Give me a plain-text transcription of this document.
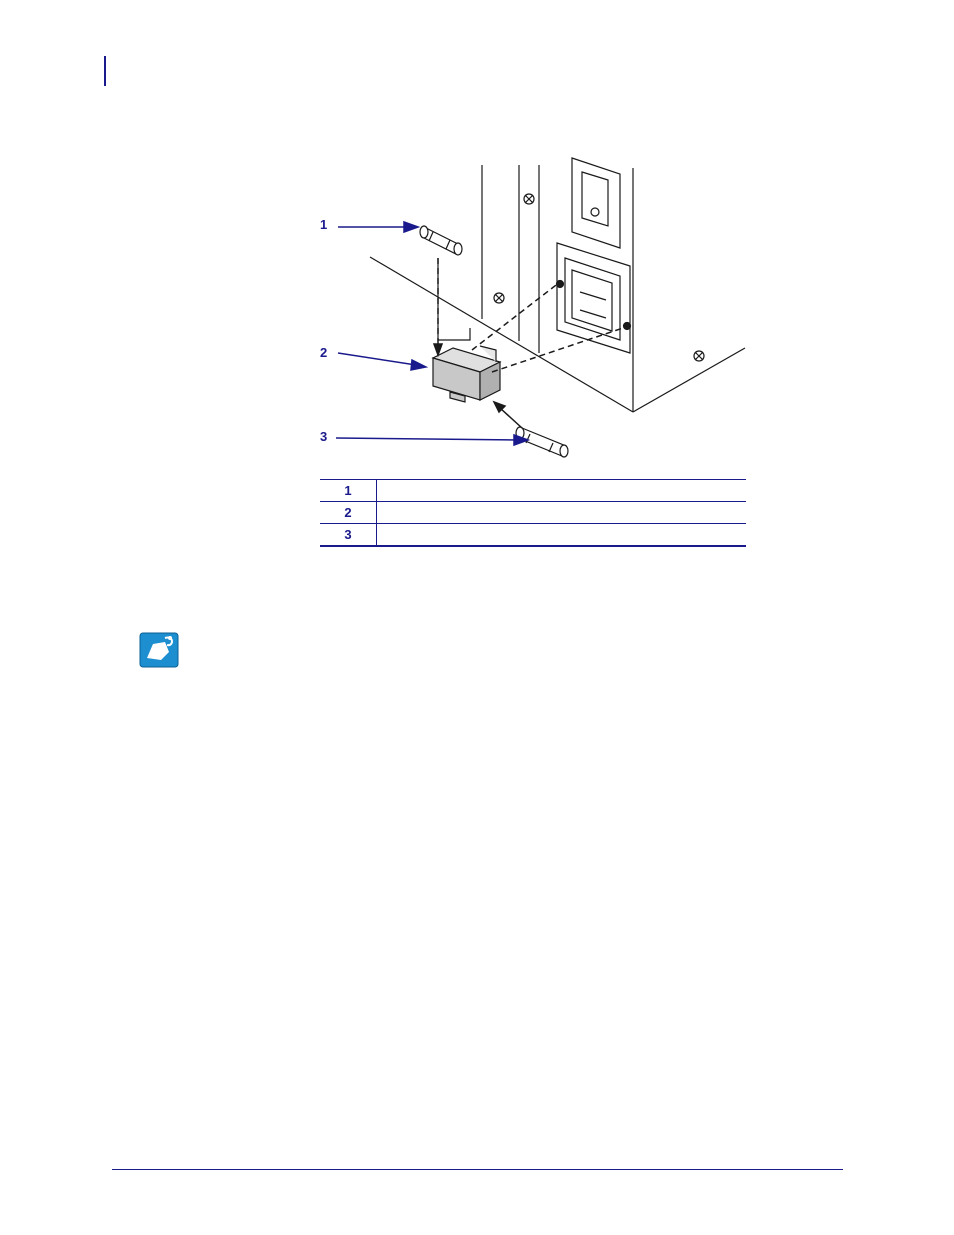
1
2
3
1	
2	
3	
